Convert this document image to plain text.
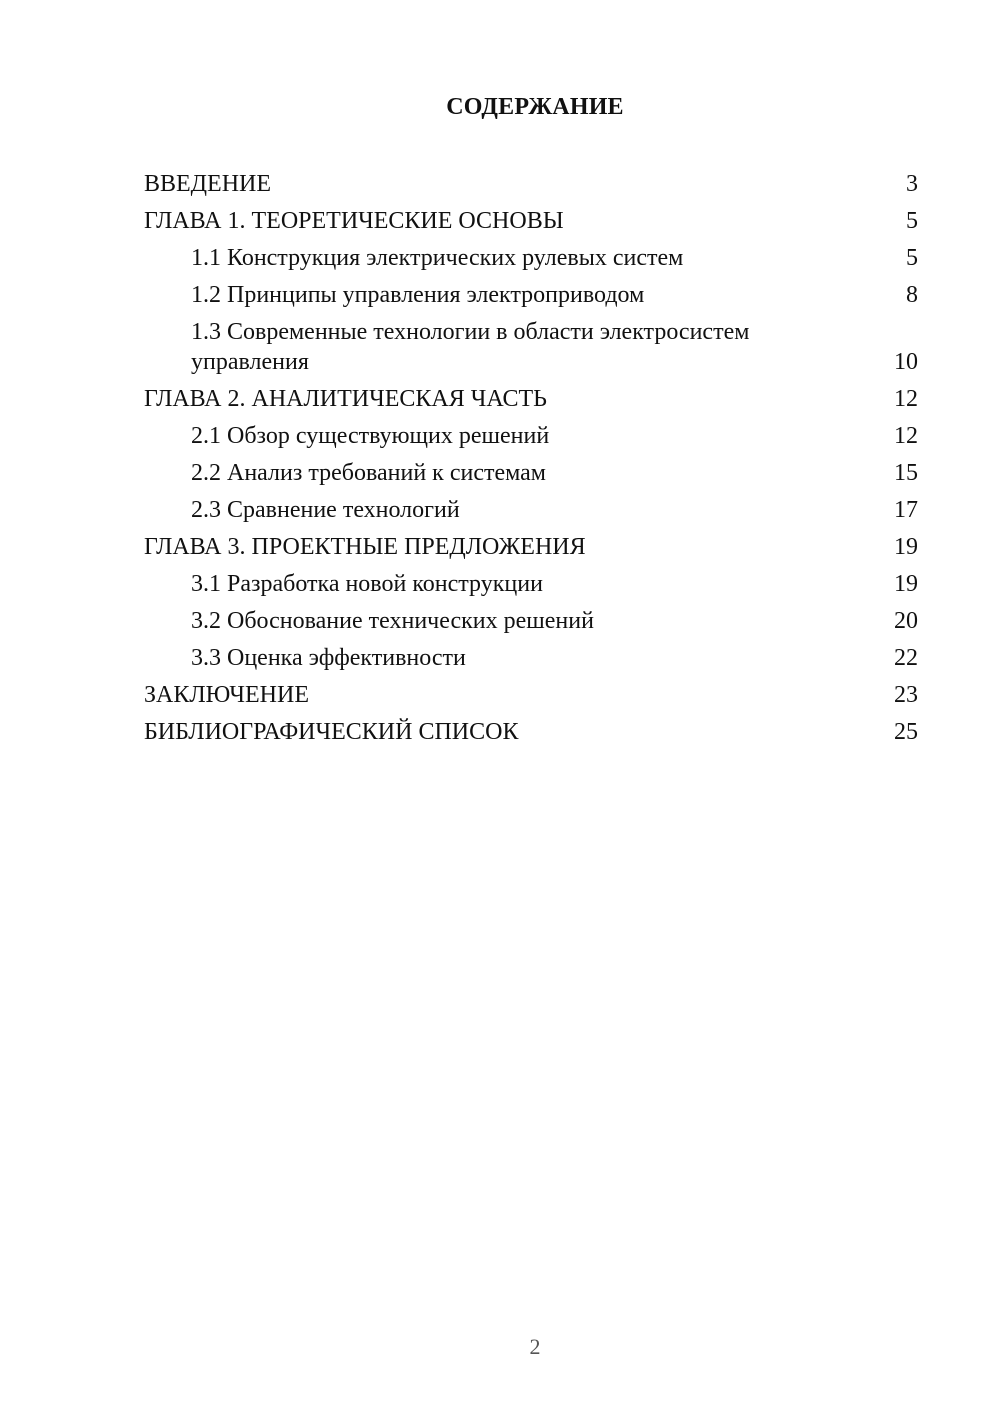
СОДЕРЖАНИЕ
ВВЕДЕНИЕ	3
ГЛАВА 1. ТЕОРЕТИЧЕСКИЕ ОСНОВЫ	5
1.1 Конструкция электрических рулевых систем	5
1.2 Принципы управления электроприводом	8
1.3 Современные технологии в области электросистем
управления	10
ГЛАВА 2. АНАЛИТИЧЕСКАЯ ЧАСТЬ	12
2.1 Обзор существующих решений	12
2.2 Анализ требований к системам	15
2.3 Сравнение технологий	17
ГЛАВА 3. ПРОЕКТНЫЕ ПРЕДЛОЖЕНИЯ	19
3.1 Разработка новой конструкции	19
3.2 Обоснование технических решений	20
3.3 Оценка эффективности	22
ЗАКЛЮЧЕНИЕ	23
БИБЛИОГРАФИЧЕСКИЙ СПИСОК	25
2
